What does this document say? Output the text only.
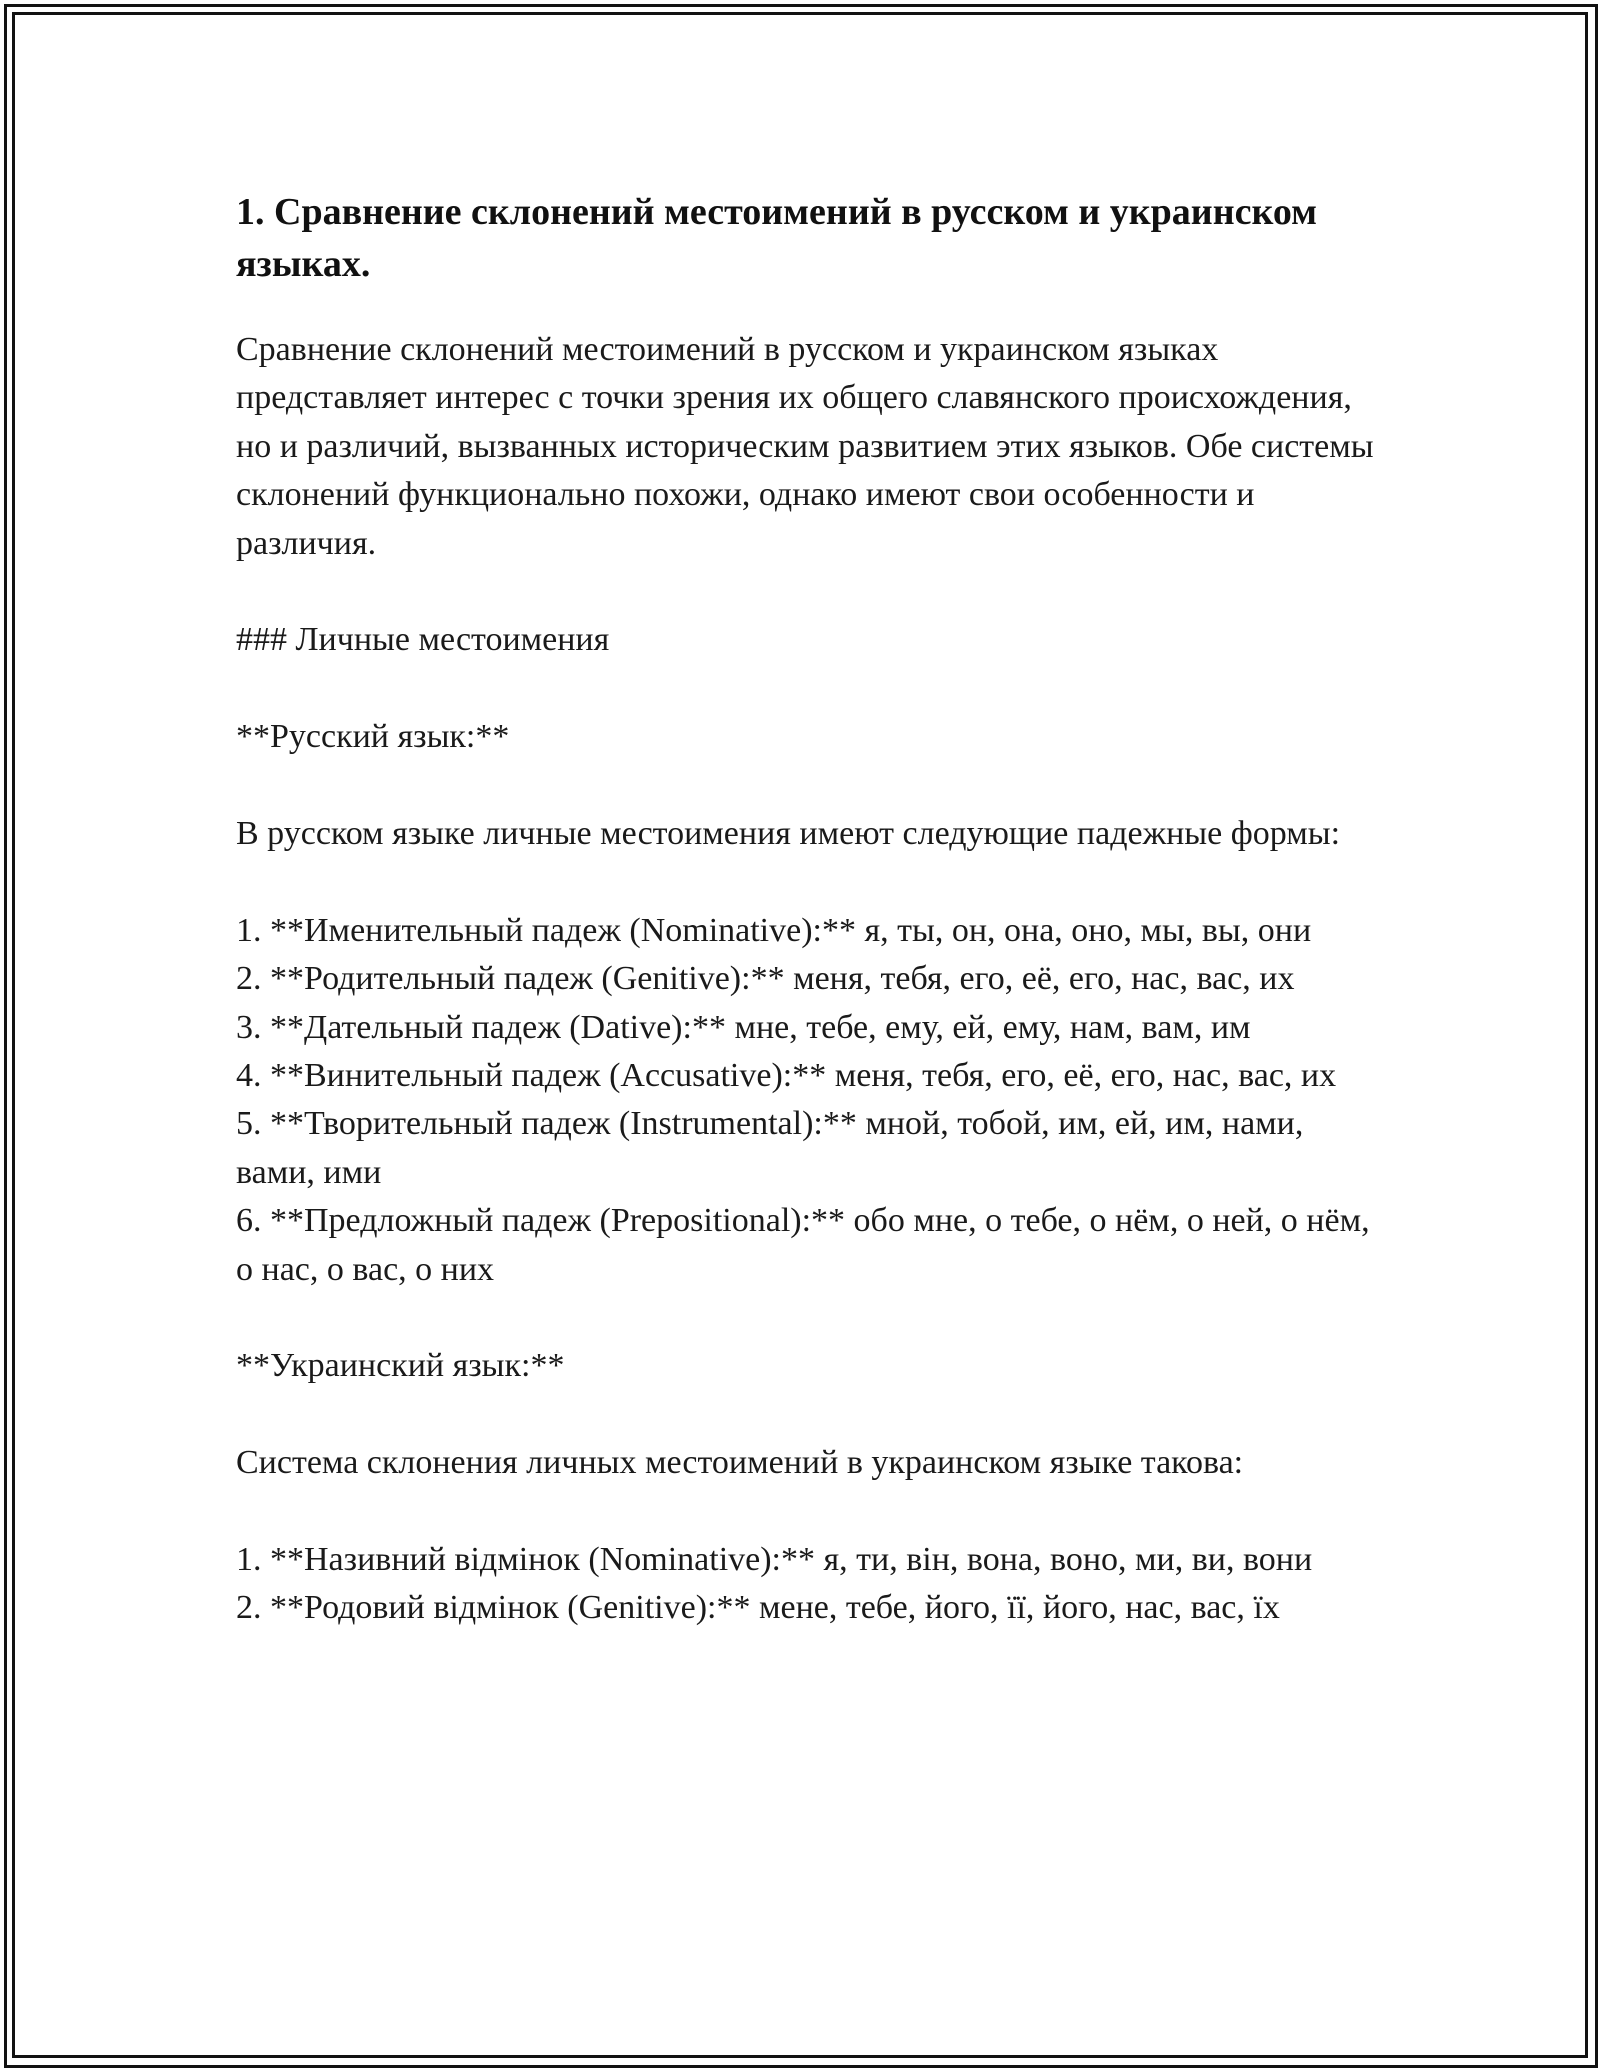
1. Сравнение склонений местоимений в русском и украинском языках.

Сравнение склонений местоимений в русском и украинском языках представляет интерес с точки зрения их общего славянского происхождения, но и различий, вызванных историческим развитием этих языков. Обе системы склонений функционально похожи, однако имеют свои особенности и различия.

### Личные местоимения

**Русский язык:**

В русском языке личные местоимения имеют следующие падежные формы:

1. **Именительный падеж (Nominative):** я, ты, он, она, оно, мы, вы, они

2. **Родительный падеж (Genitive):** меня, тебя, его, её, его, нас, вас, их

3. **Дательный падеж (Dative):** мне, тебе, ему, ей, ему, нам, вам, им

4. **Винительный падеж (Accusative):** меня, тебя, его, её, его, нас, вас, их

5. **Творительный падеж (Instrumental):** мной, тобой, им, ей, им, нами, вами, ими

6. **Предложный падеж (Prepositional):** обо мне, о тебе, о нём, о ней, о нём, о нас, о вас, о них

**Украинский язык:**

Система склонения личных местоимений в украинском языке такова:

1. **Називний відмінок (Nominative):** я, ти, він, вона, воно, ми, ви, вони

2. **Родовий відмінок (Genitive):** мене, тебе, його, її, його, нас, вас, їх
